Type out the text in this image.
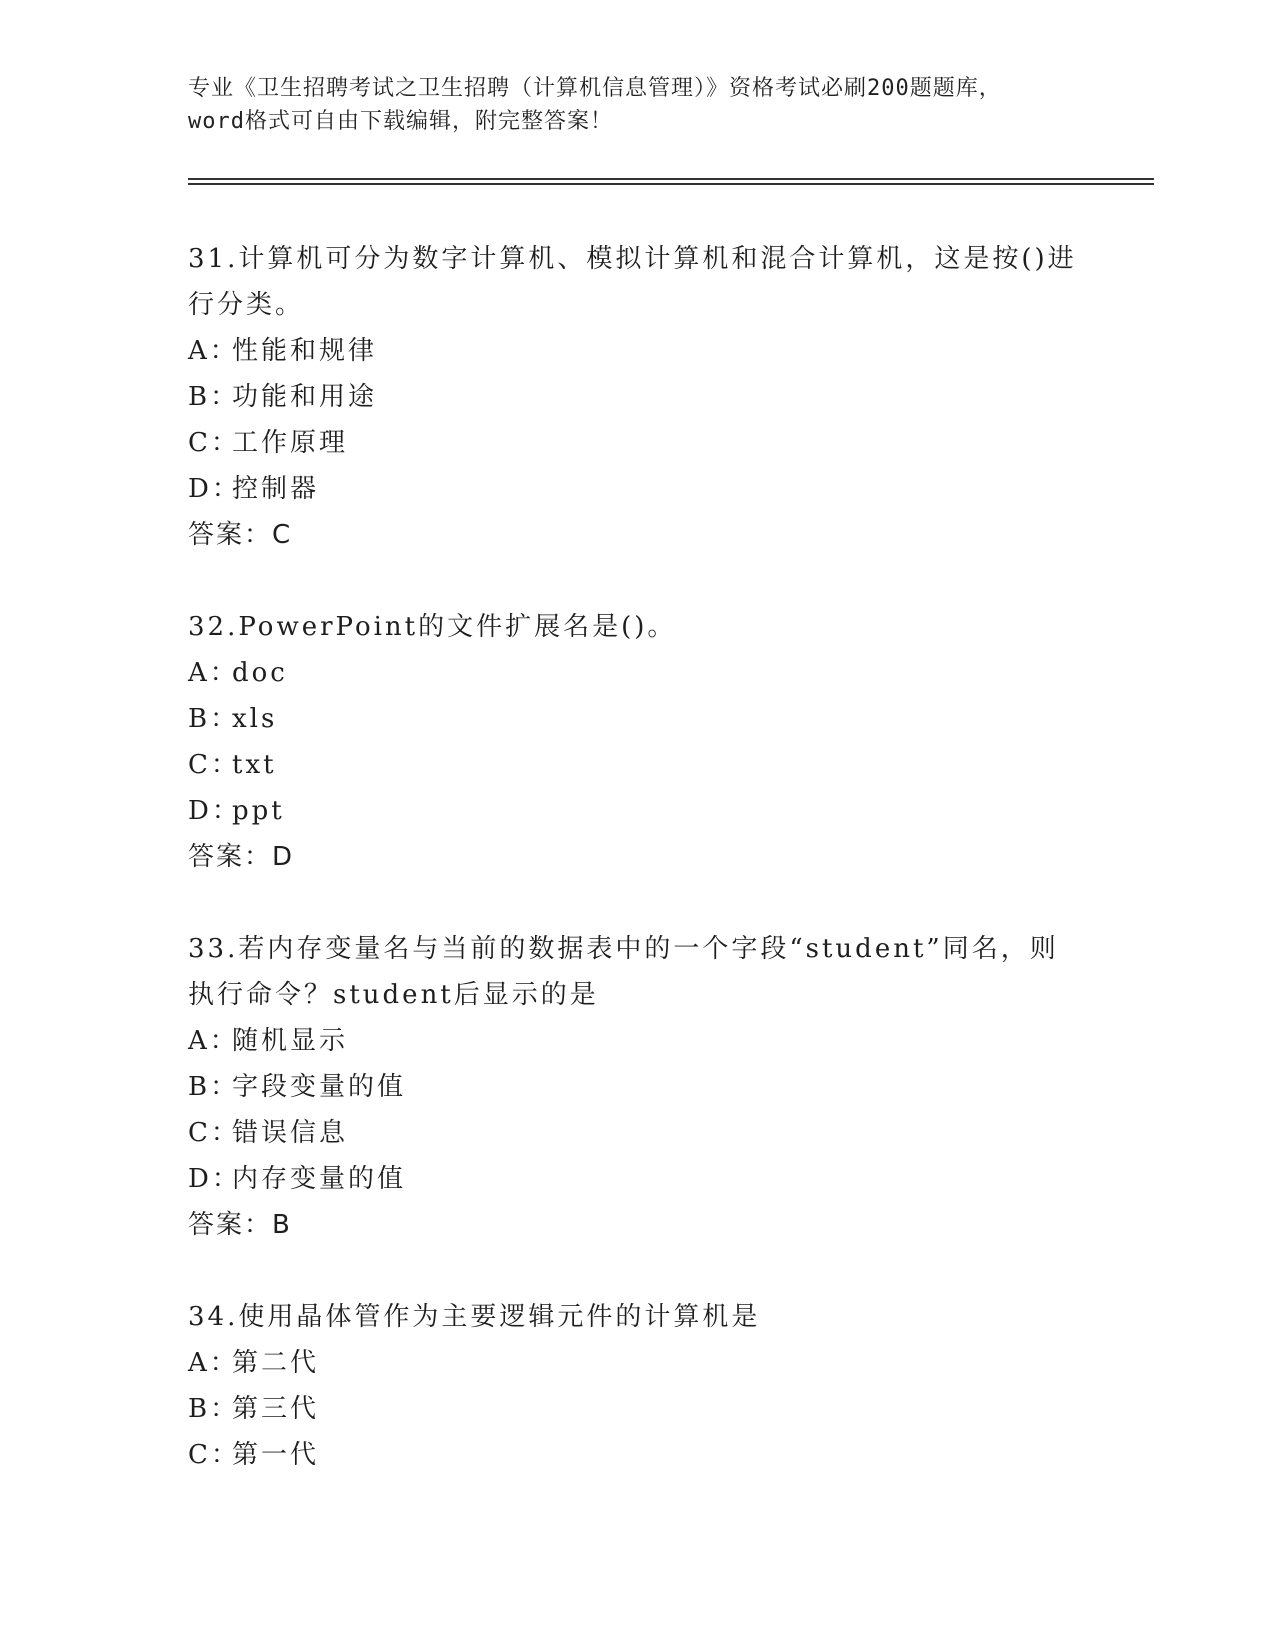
专业《卫生招聘考试之卫生招聘（计算机信息管理）》资格考试必刷200题题库，
word格式可自由下载编辑，附完整答案！
31.计算机可分为数字计算机、模拟计算机和混合计算机，这是按()进
行分类。
A：性能和规律
B：功能和用途
C：工作原理
D：控制器
答案：C
32.PowerPoint的文件扩展名是()。
A：doc
B：xls
C：txt
D：ppt
答案：D
33.若内存变量名与当前的数据表中的一个字段“student”同名，则
执行命令？student后显示的是
A：随机显示
B：字段变量的值
C：错误信息
D：内存变量的值
答案：B
34.使用晶体管作为主要逻辑元件的计算机是
A：第二代
B：第三代
C：第一代
